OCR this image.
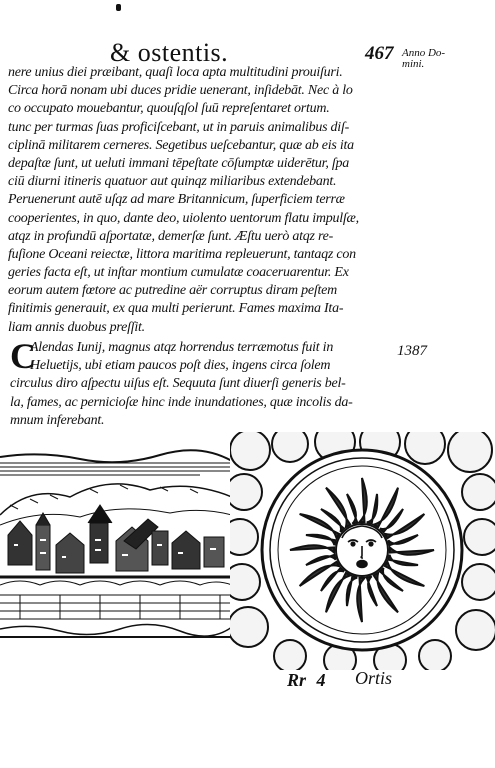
& ostentis.	467 Anno Do-
mini.
nere unius diei præibant, quaſi loca apta multitudini prouiſuri.
Circa horā nonam ubi duces pridie uenerant, inſidebāt. Nec à lo
co occupato mouebantur, quouſqſol ſuū repreſentaret ortum.
tunc per turmas ſuas proficiſcebant, ut in paruis animalibus diſ-
ciplinā militarem cerneres. Segetibus ueſcebantur, quæ ab eis ita
depaſtæ ſunt, ut ueluti immani tēpeſtate cōſumptæ uiderētur, ſpa
ciū diurni itineris quatuor aut quinqz miliaribus extendebant.
Peruenerunt autē uſqz ad mare Britannicum, ſuperficiem terræ
cooperientes, in quo, dante deo, uiolento uentorum flatu impulſæ,
atqz in profundū aſportatæ, demerſæ ſunt. Æſtu uerò atqz re-
fuſione Oceani reiectæ, littora maritima repleuerunt, tantaqz con
geries facta eſt, ut inſtar montium cumulatæ coaceruarentur. Ex
eorum autem fœtore ac putredine aër corruptus diram peſtem
finitimis generauit, ex qua multi perierunt. Fames maxima Ita-
liam annis duobus preſſit.
1387
C
Alendas Iunij, magnus atqz horrendus terræmotus fuit in
Heluetijs, ubi etiam paucos poſt dies, ingens circa ſolem
circulus diro aſpectu uiſus eſt. Sequuta ſunt diuerſi generis bel-
la, fames, ac pernicioſæ hinc inde inundationes, quæ incolis da-
mnum inferebant.
Rr 4 Ortis
